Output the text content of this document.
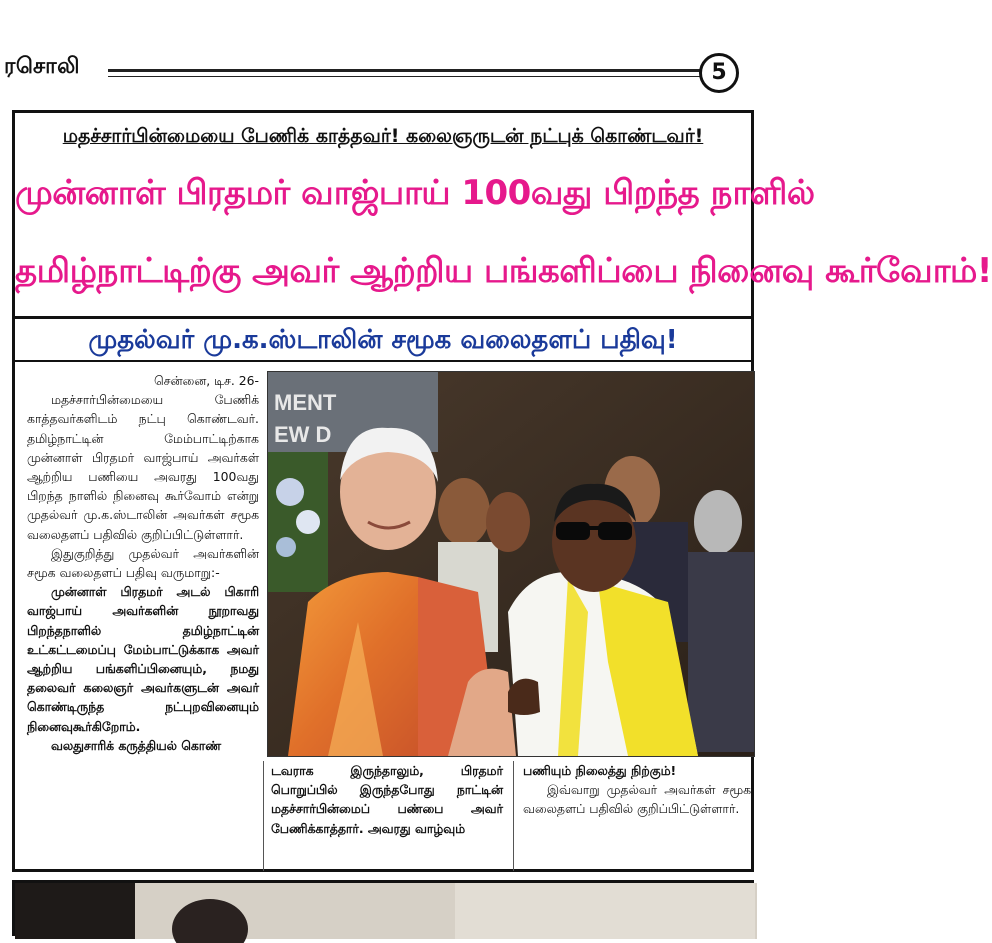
ரசொலி	5
மதச்சார்பின்மையை பேணிக் காத்தவர்! கலைஞருடன் நட்புக் கொண்டவர்!
முன்னாள் பிரதமர் வாஜ்பாய் 100வது பிறந்த நாளில்
தமிழ்நாட்டிற்கு அவர் ஆற்றிய பங்களிப்பை நினைவு கூர்வோம்!
முதல்வர் மு.க.ஸ்டாலின் சமூக வலைதளப் பதிவு!

சென்னை, டிச. 26-

மதச்சார்பின்மையை பேணிக் காத்தவர்களிடம் நட்பு கொண்டவர். தமிழ்நாட்டின் மேம்பாட்டிற்காக முன்னாள் பிரதமர் வாஜ்பாய் அவர்கள் ஆற்றிய பணியை அவரது 100வது பிறந்த நாளில் நினைவு கூர்வோம் என்று முதல்வர் மு.க.ஸ்டாலின் அவர்கள் சமூக வலைதளப் பதிவில் குறிப்பிட்டுள்ளார்.

இதுகுறித்து முதல்வர் அவர்களின் சமூக வலைதளப் பதிவு வருமாறு:-

முன்னாள் பிரதமர் அடல் பிகாரி வாஜ்பாய் அவர்களின் நூறாவது பிறந்தநாளில் தமிழ்நாட்டின் உட்கட்டமைப்பு மேம்பாட்டுக்காக அவர் ஆற்றிய பங்களிப்பினையும், நமது தலைவர் கலைஞர் அவர்களுடன் அவர் கொண்டிருந்த நட்புறவினையும் நினைவுகூர்கிறோம்.

வலதுசாரிக் கருத்தியல் கொண்

MENT
EW D
டவராக இருந்தாலும், பிரதமர் பொறுப்பில் இருந்தபோது நாட்டின் மதச்சார்பின்மைப் பண்பை அவர் பேணிக்காத்தார். அவரது வாழ்வும்

பணியும் நிலைத்து நிற்கும்!

இவ்வாறு முதல்வர் அவர்கள் சமூக வலைதளப் பதிவில் குறிப்பிட்டுள்ளார்.
